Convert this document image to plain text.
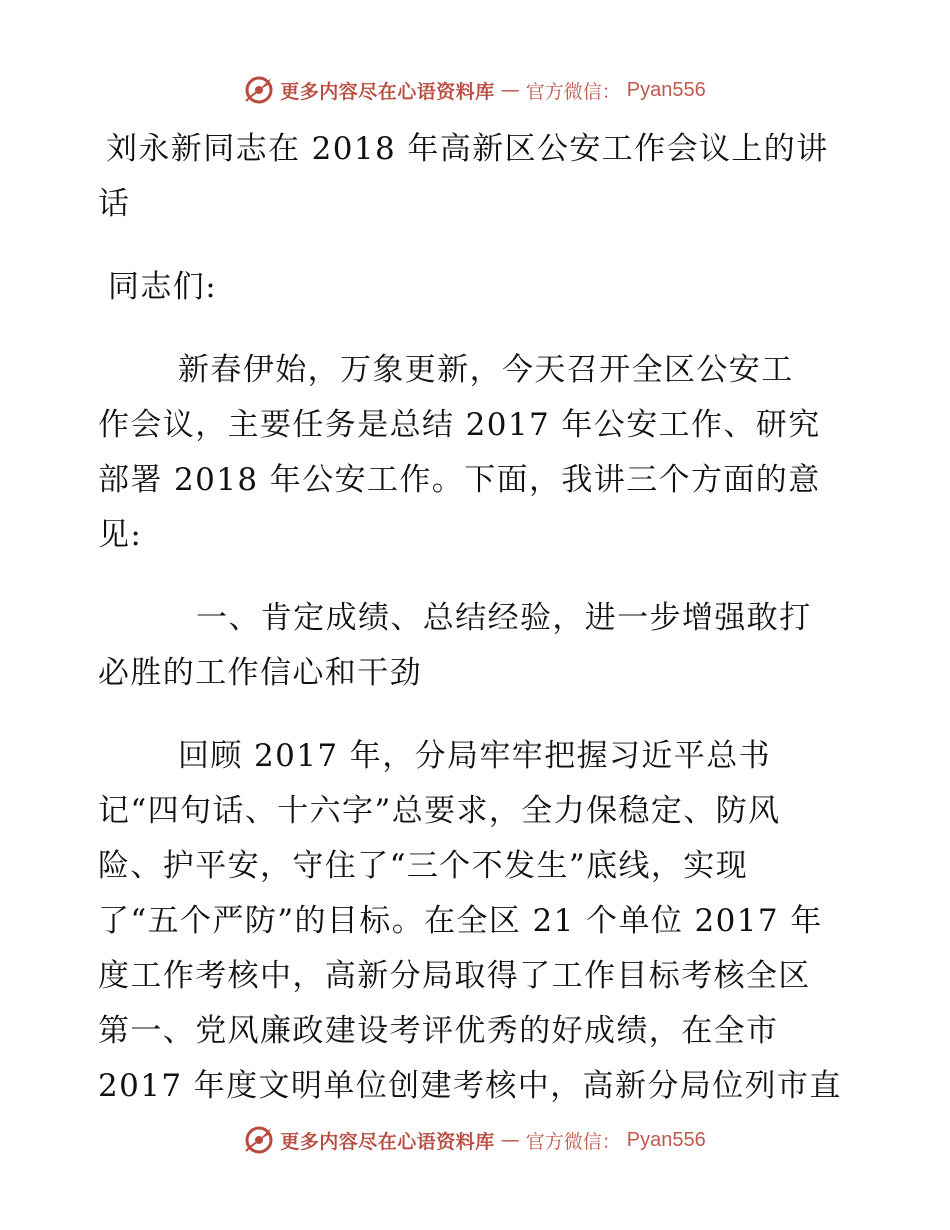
更多内容尽在心语资料库 — 官方微信： Pyan556
刘永新同志在 2018 年高新区公安工作会议上的讲
话
同志们:
新春伊始，万象更新，今天召开全区公安工
作会议，主要任务是总结 2017 年公安工作、研究
部署 2018 年公安工作。下面，我讲三个方面的意
见:
一、肯定成绩、总结经验，进一步增强敢打
必胜的工作信心和干劲
回顾 2017 年，分局牢牢把握习近平总书
记“四句话、十六字”总要求，全力保稳定、防风
险、护平安，守住了“三个不发生”底线，实现
了“五个严防”的目标。在全区 21 个单位 2017 年
度工作考核中，高新分局取得了工作目标考核全区
第一、党风廉政建设考评优秀的好成绩，在全市
2017 年度文明单位创建考核中，高新分局位列市直
更多内容尽在心语资料库 — 官方微信： Pyan556
